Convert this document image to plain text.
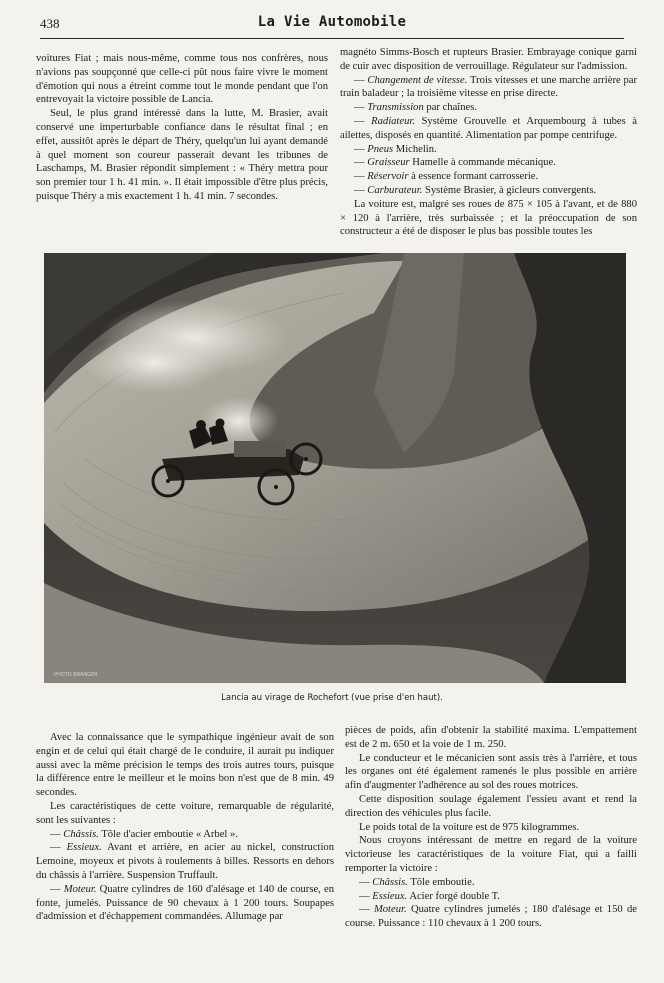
438	La Vie Automobile

voitures Fiat ; mais nous-même, comme tous nos confrères, nous n'avions pas soupçonné que celle-ci pût nous faire vivre le moment d'émotion qui nous a étreint comme tout le monde pendant que l'on entrevoyait la victoire possible de Lancia.

Seul, le plus grand intéressé dans la lutte, M. Brasier, avait conservé une imperturbable confiance dans le résultat final ; en effet, aussitôt après le départ de Théry, quelqu'un lui ayant demandé à quel moment son coureur passerait devant les tribunes de Laschamps, M. Brasier répondit simplement : « Théry mettra pour son premier tour 1 h. 41 min. ». Il était impossible d'être plus précis, puisque Théry a mis exactement 1 h. 41 min. 7 secondes.

magnéto Simms-Bosch et rupteurs Brasier. Embrayage conique garni de cuir avec disposition de verrouillage. Régulateur sur l'admission.

— Changement de vitesse. Trois vitesses et une marche arrière par train baladeur ; la troisième vitesse en prise directe.

— Transmission par chaînes.

— Radiateur. Système Grouvelle et Arquembourg à tubes à ailettes, disposés en quantité. Alimentation par pompe centrifuge.

— Pneus Michelin.

— Graisseur Hamelle à commande mécanique.

— Réservoir à essence formant carrosserie.

— Carburateur. Système Brasier, à gicleurs convergents.

La voiture est, malgré ses roues de 875 × 105 à l'avant, et de 880 × 120 à l'arrière, très surbaissée ; et la préoccupation de son constructeur a été de disposer le plus bas possible toutes les

PHOTO BRANGER
Lancia au virage de Rochefort (vue prise d'en haut).

Avec la connaissance que le sympathique ingénieur avait de son engin et de celui qui était chargé de le conduire, il aurait pu indiquer aussi avec la même précision le temps des trois autres tours, puisque la différence entre le meilleur et le moins bon n'est que de 8 min. 49 secondes.

Les caractéristiques de cette voiture, remarquable de régularité, sont les suivantes :

— Châssis. Tôle d'acier emboutie « Arbel ».

— Essieux. Avant et arrière, en acier au nickel, construction Lemoine, moyeux et pivots à roulements à billes. Ressorts en dehors du châssis à l'arrière. Suspension Truffault.

— Moteur. Quatre cylindres de 160 d'alésage et 140 de course, en fonte, jumelés. Puissance de 90 chevaux à 1 200 tours. Soupapes d'admission et d'échappement commandées. Allumage par

pièces de poids, afin d'obtenir la stabilité maxima. L'empattement est de 2 m. 650 et la voie de 1 m. 250.

Le conducteur et le mécanicien sont assis très à l'arrière, et tous les organes ont été également ramenés le plus possible en arrière afin d'augmenter l'adhérence au sol des roues motrices.

Cette disposition soulage également l'essieu avant et rend la direction des véhicules plus facile.

Le poids total de la voiture est de 975 kilogrammes.

Nous croyons intéressant de mettre en regard de la voiture victorieuse les caractéristiques de la voiture Fiat, qui a failli remporter la victoire :

— Châssis. Tôle emboutie.

— Essieux. Acier forgé double T.

— Moteur. Quatre cylindres jumelés ; 180 d'alésage et 150 de course. Puissance : 110 chevaux à 1 200 tours.
